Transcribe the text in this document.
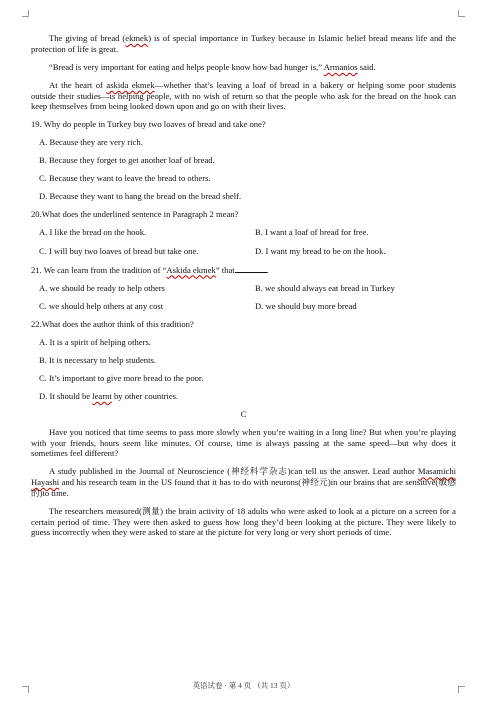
The giving of bread (ekmek) is of special importance in Turkey because in Islamic belief bread means life and the protection of life is great.

“Bread is very important for eating and helps people know how bad hunger is,” Armanios said.

At the heart of askida ekmek—whether that’s leaving a loaf of bread in a bakery or helping some poor students outside their studies—is helping people, with no wish of return so that the people who ask for the bread on the hook can keep themselves from being looked down upon and go on with their lives.

19. Why do people in Turkey buy two loaves of bread and take one?

A. Because they are very rich.

B. Because they forget to get another loaf of bread.

C. Because they want to leave the bread to others.

D. Because they want to hang the bread on the bread shelf.

20.What does the underlined sentence in Paragraph 2 mean?

A. I like the bread on the hook.	B. I want a loaf of bread for free.
C. I will buy two loaves of bread but take one.	D. I want my bread to be on the hook.

21. We can learn from the tradition of “Askida ekmek” that	.

A. we should be ready to help others	B. we should always eat bread in Turkey
C. we should help others at any cost	D. we should buy more bread

22.What does the author think of this tradition?

A. It is a spirit of helping others.

B. It is necessary to help students.

C. It’s important to give more bread to the poor.

D. It should be learnt by other countries.

C

Have you noticed that time seems to pass more slowly when you’re waiting in a long line? But when you’re playing with your friends, hours seem like minutes. Of course, time is always passing at the same speed—but why does it sometimes feel different?

A study published in the Journal of Neuroscience (神经科学杂志)can tell us the answer. Lead author Masamichi Hayashi and his research team in the US found that it has to do with neurons(神经元)in our brains that are sensitive(敏感的)to time.

The researchers measured(测量) the brain activity of 18 adults who were asked to look at a picture on a screen for a certain period of time. They were then asked to guess how long they’d been looking at the picture. They were likely to guess incorrectly when they were asked to stare at the picture for very long or very short periods of time.

英语试卷 · 第 4 页 （共 13 页）
